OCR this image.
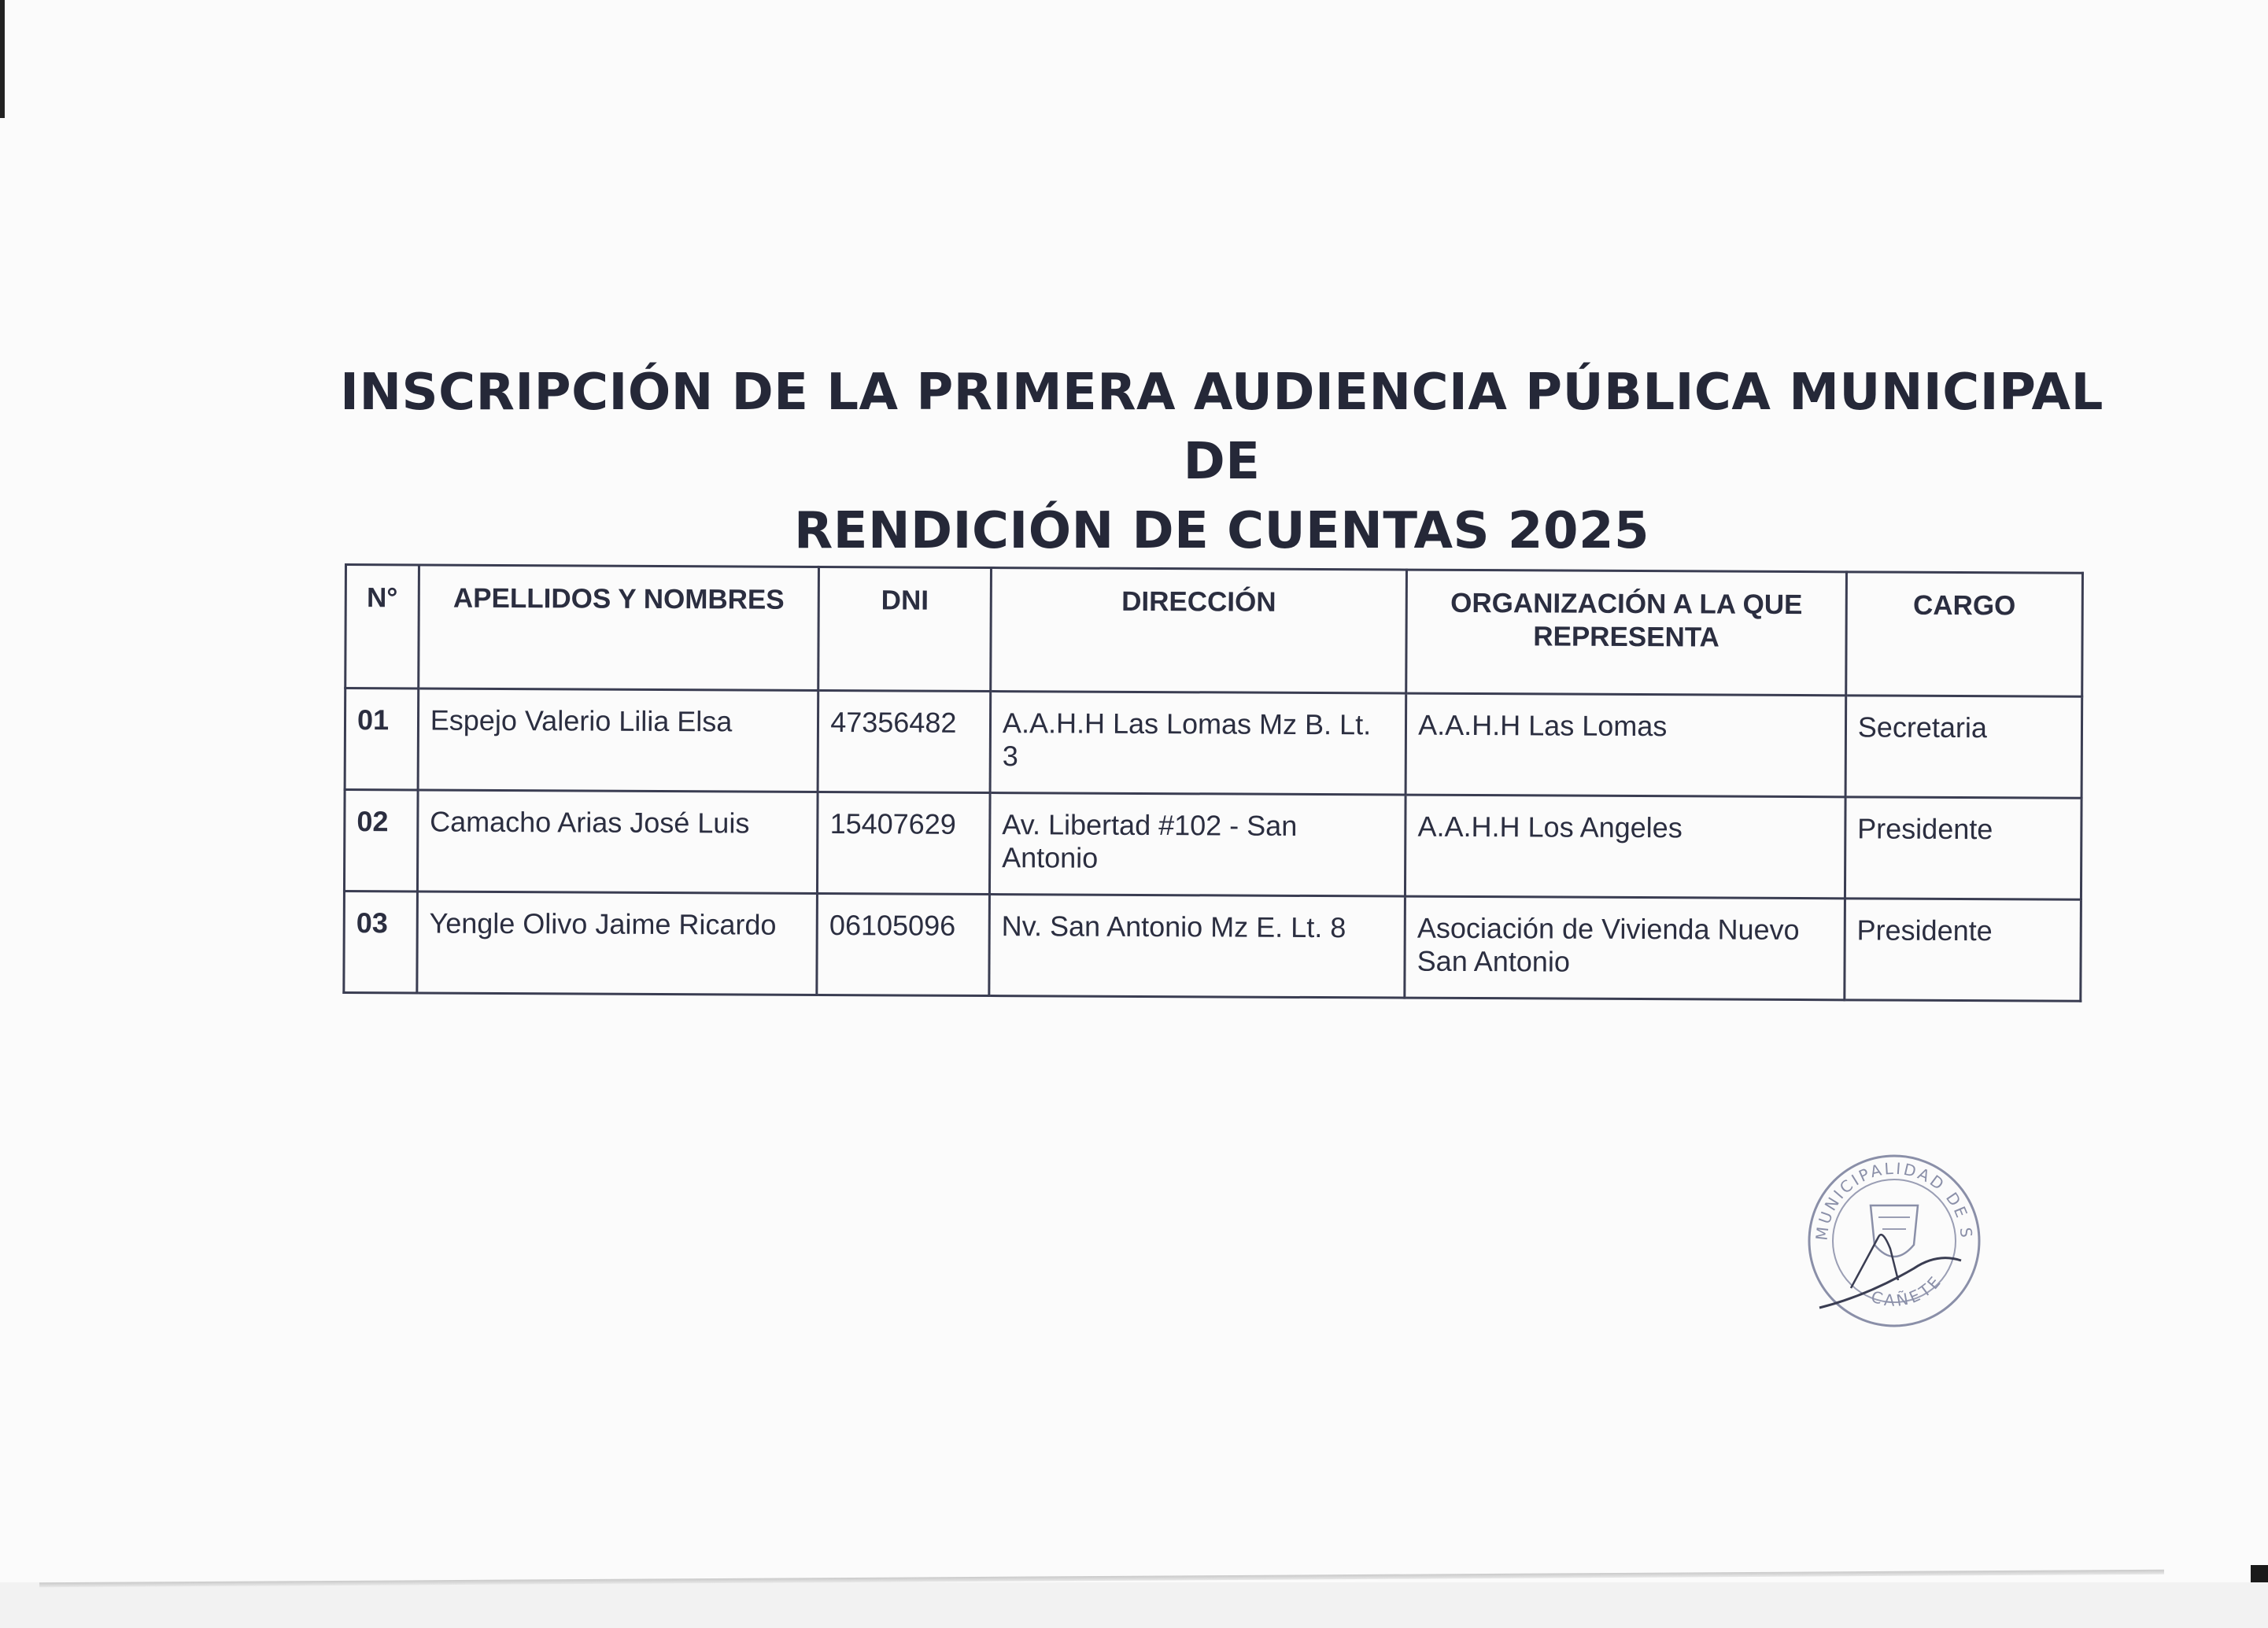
INSCRIPCIÓN DE LA PRIMERA AUDIENCIA PÚBLICA MUNICIPAL DE
RENDICIÓN DE CUENTAS 2025
N°	APELLIDOS Y NOMBRES	DNI	DIRECCIÓN	ORGANIZACIÓN A LA QUE REPRESENTA	CARGO
01	Espejo Valerio Lilia Elsa	47356482	A.A.H.H Las Lomas Mz B. Lt. 3	A.A.H.H Las Lomas	Secretaria
02	Camacho Arias José Luis	15407629	Av. Libertad #102 - San Antonio	A.A.H.H Los Angeles	Presidente
03	Yengle Olivo Jaime Ricardo	06105096	Nv. San Antonio Mz E. Lt. 8	Asociación de Vivienda Nuevo San Antonio	Presidente
MUNICIPALIDAD DE S
CAÑETE
